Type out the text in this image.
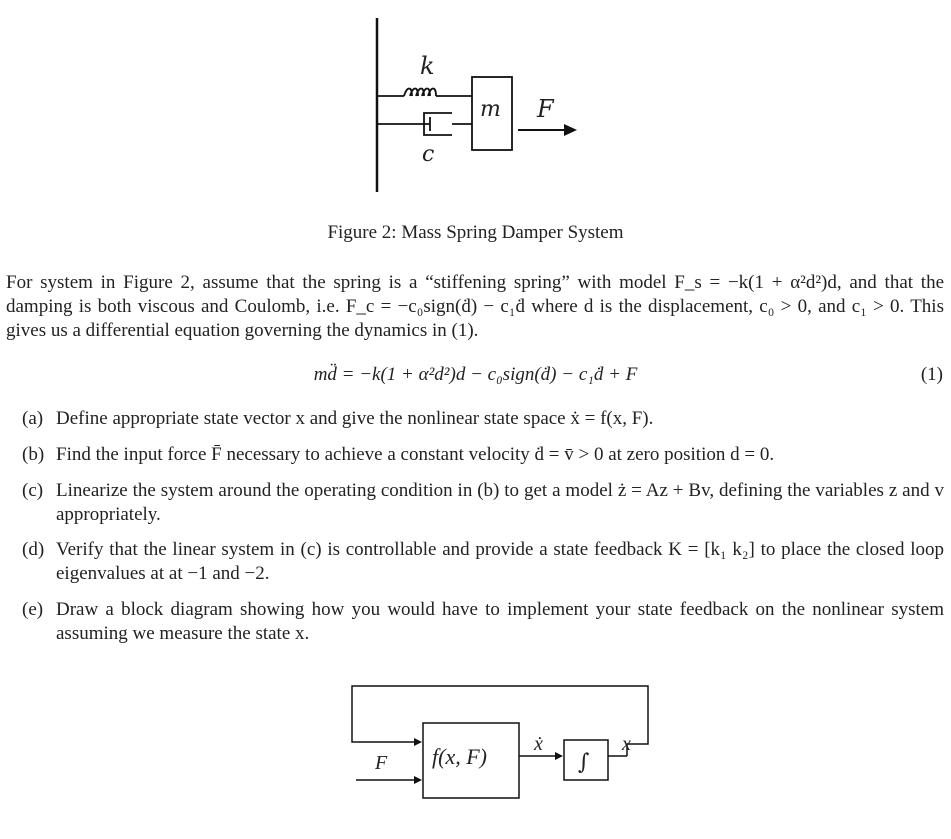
k
c
m F
Figure 2: Mass Spring Damper System
For system in Figure 2, assume that the spring is a “stiffening spring” with model F_s = −k(1 + α²d²)d, and that the damping is both viscous and Coulomb, i.e. F_c = −c₀sign(ḋ) − c₁ḋ where d is the displacement, c₀ > 0, and c₁ > 0. This gives us a differential equation governing the dynamics in (1).
md̈ = −k(1 + α²d²)d − c₀sign(ḋ) − c₁ḋ + F	(1)
(a) Define appropriate state vector x and give the nonlinear state space ẋ = f(x, F).
(b) Find the input force F̄ necessary to achieve a constant velocity ḋ = v̄ > 0 at zero position d = 0.
(c) Linearize the system around the operating condition in (b) to get a model ż = Az + Bv, defining the variables z and v appropriately.
(d) Verify that the linear system in (c) is controllable and provide a state feedback K = [k₁ k₂] to place the closed loop eigenvalues at at −1 and −2.
(e) Draw a block diagram showing how you would have to implement your state feedback on the nonlinear system assuming we measure the state x.
F f(x, F) ẋ
∫
x
